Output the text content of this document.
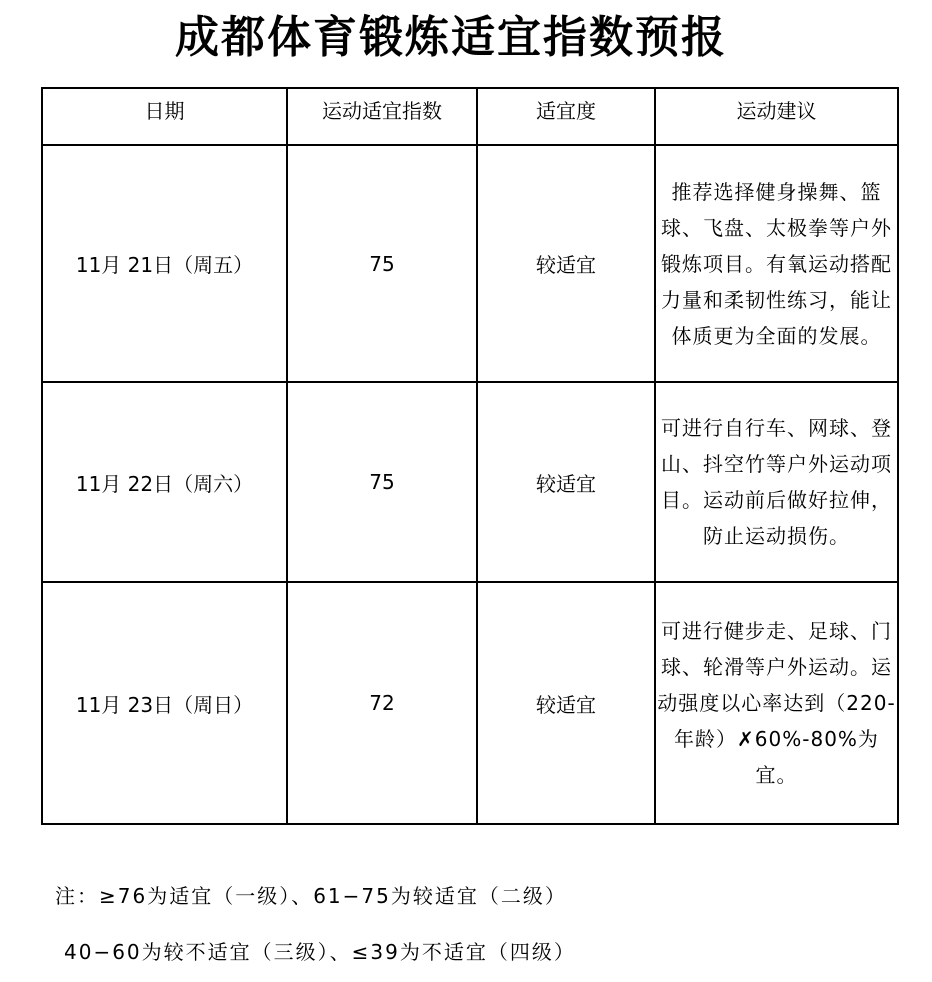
成都体育锻炼适宜指数预报
日期	运动适宜指数	适宜度	运动建议
11月 21日（周五）	75	较适宜	推荐选择健身操舞、篮球、飞盘、太极拳等户外锻炼项目。有氧运动搭配力量和柔韧性练习，能让体质更为全面的发展。
11月 22日（周六）	75	较适宜	可进行自行车、网球、登山、抖空竹等户外运动项目。运动前后做好拉伸，防止运动损伤。
11月 23日（周日）	72	较适宜	可进行健步走、足球、门球、轮滑等户外运动。运动强度以心率达到（220-年龄）✗60%-80%为宜。
注：≥76为适宜（一级）、61−75为较适宜（二级）
40−60为较不适宜（三级）、≤39为不适宜（四级）
